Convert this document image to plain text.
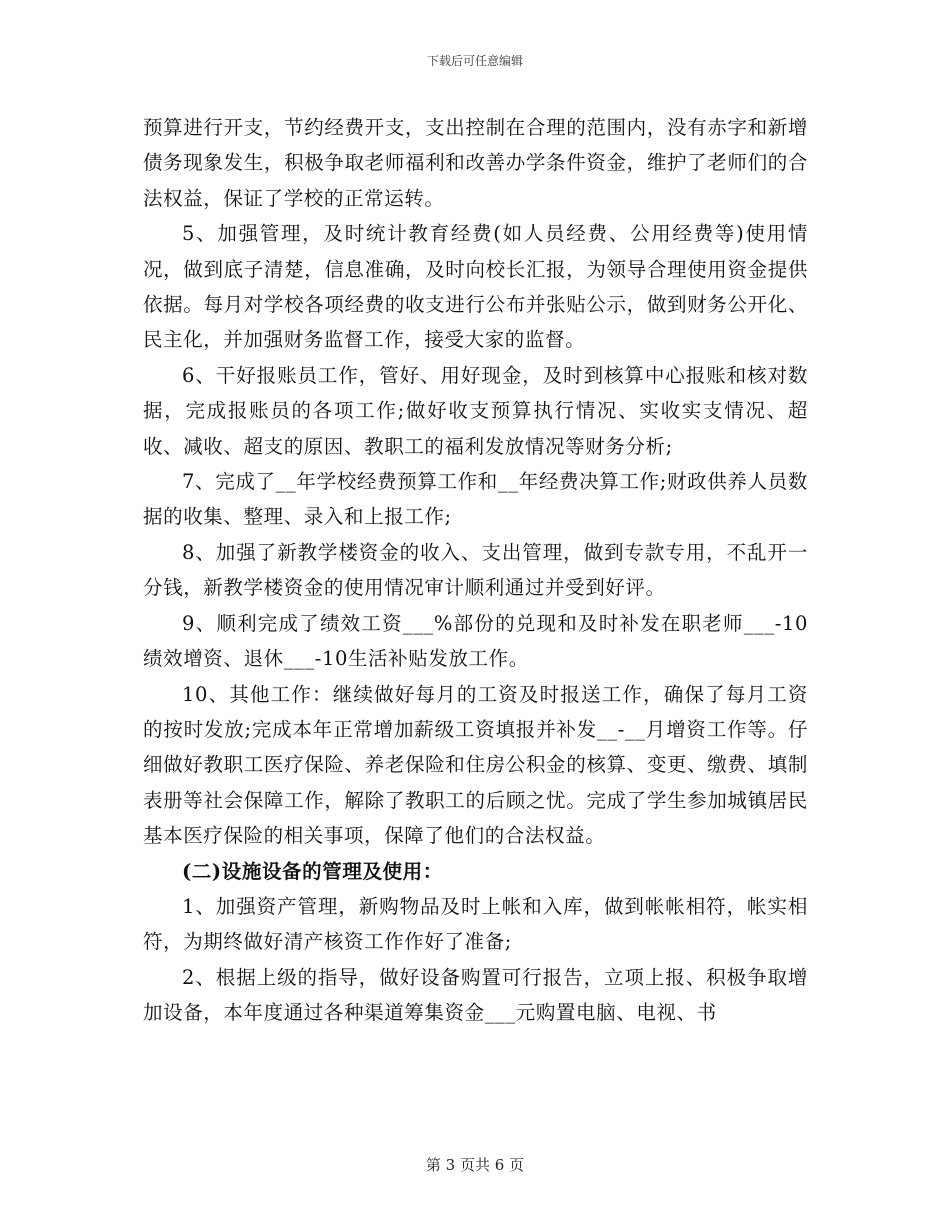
下载后可任意编辑

预算进行开支，节约经费开支，支出控制在合理的范围内，没有赤字和新增债务现象发生，积极争取老师福利和改善办学条件资金，维护了老师们的合法权益，保证了学校的正常运转。

5、加强管理，及时统计教育经费(如人员经费、公用经费等)使用情况，做到底子清楚，信息准确，及时向校长汇报，为领导合理使用资金提供依据。每月对学校各项经费的收支进行公布并张贴公示，做到财务公开化、民主化，并加强财务监督工作，接受大家的监督。

6、干好报账员工作，管好、用好现金，及时到核算中心报账和核对数据，完成报账员的各项工作;做好收支预算执行情况、实收实支情况、超收、减收、超支的原因、教职工的福利发放情况等财务分析;

7、完成了__年学校经费预算工作和__年经费决算工作;财政供养人员数据的收集、整理、录入和上报工作;

8、加强了新教学楼资金的收入、支出管理，做到专款专用，不乱开一分钱，新教学楼资金的使用情况审计顺利通过并受到好评。

9、顺利完成了绩效工资___%部份的兑现和及时补发在职老师___-10绩效增资、退休___-10生活补贴发放工作。

10、其他工作：继续做好每月的工资及时报送工作，确保了每月工资的按时发放;完成本年正常增加薪级工资填报并补发__-__月增资工作等。仔细做好教职工医疗保险、养老保险和住房公积金的核算、变更、缴费、填制表册等社会保障工作，解除了教职工的后顾之忧。完成了学生参加城镇居民基本医疗保险的相关事项，保障了他们的合法权益。

(二)设施设备的管理及使用：

1、加强资产管理，新购物品及时上帐和入库，做到帐帐相符，帐实相符，为期终做好清产核资工作作好了准备;

2、根据上级的指导，做好设备购置可行报告，立项上报、积极争取增加设备，本年度通过各种渠道筹集资金___元购置电脑、电视、书

第 3 页共 6 页
